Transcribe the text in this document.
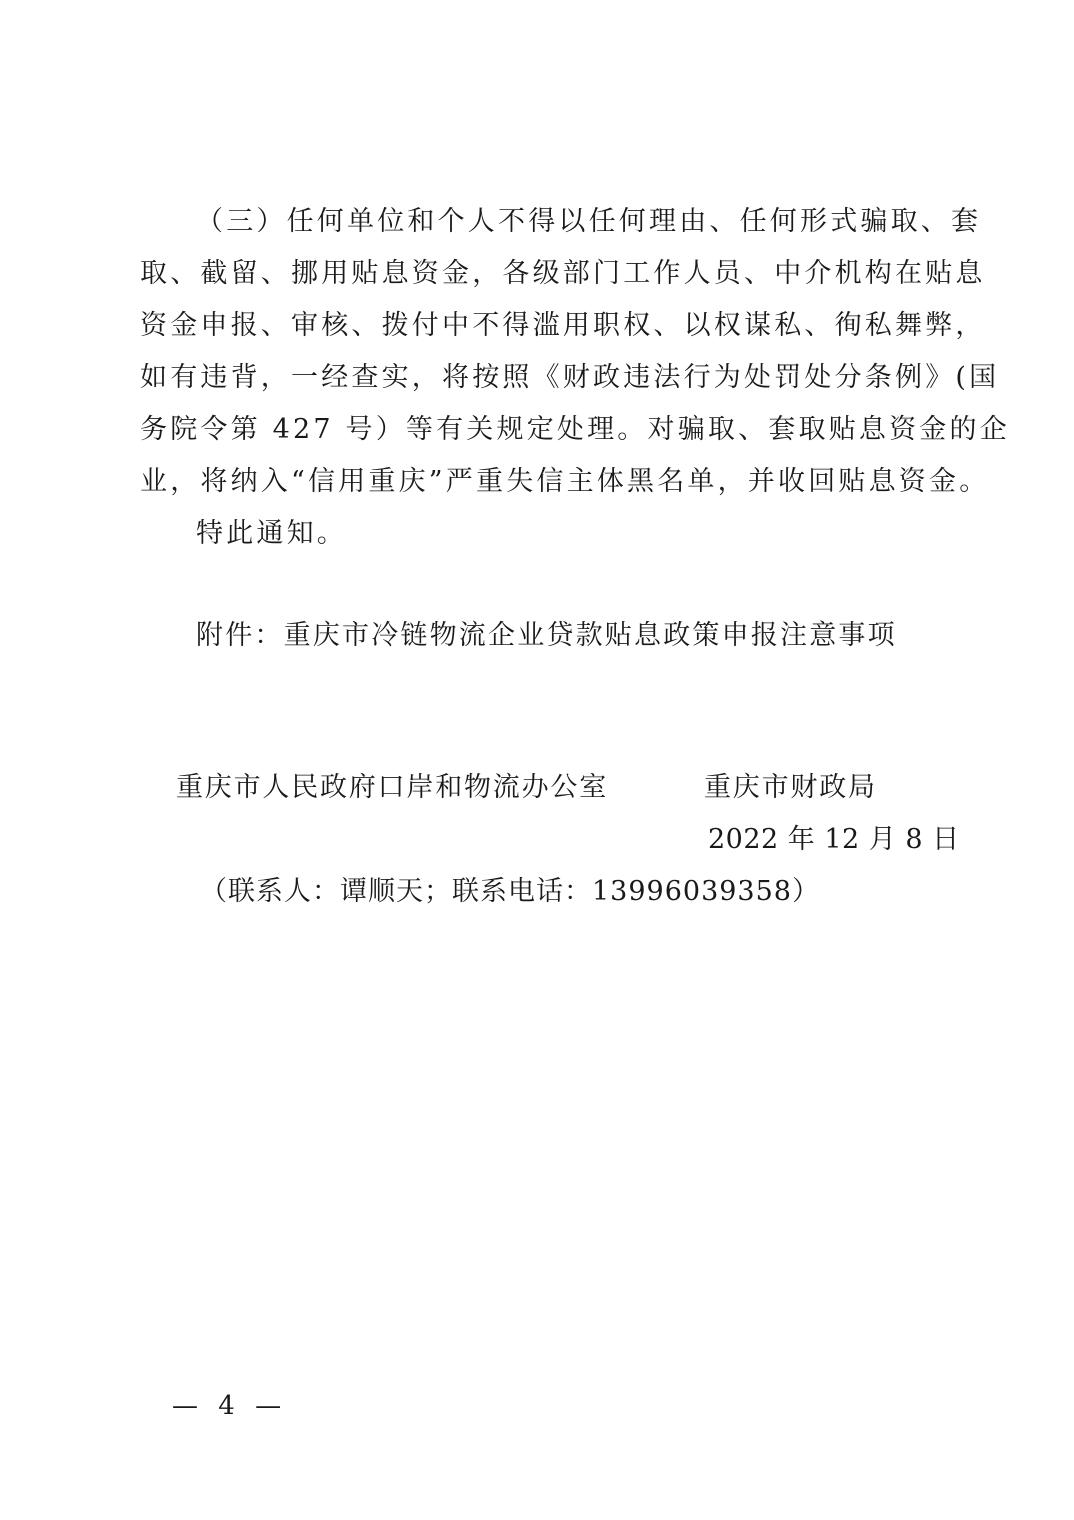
（三）任何单位和个人不得以任何理由、任何形式骗取、套
取、截留、挪用贴息资金，各级部门工作人员、中介机构在贴息
资金申报、审核、拨付中不得滥用职权、以权谋私、徇私舞弊，
如有违背，一经查实，将按照《财政违法行为处罚处分条例》(国
务院令第 427 号）等有关规定处理。对骗取、套取贴息资金的企
业，将纳入“信用重庆”严重失信主体黑名单，并收回贴息资金。
特此通知。
附件：重庆市冷链物流企业贷款贴息政策申报注意事项
重庆市人民政府口岸和物流办公室	重庆市财政局
2022 年 12 月 8 日
（联系人：谭顺天；联系电话：13996039358）
— 4 —
